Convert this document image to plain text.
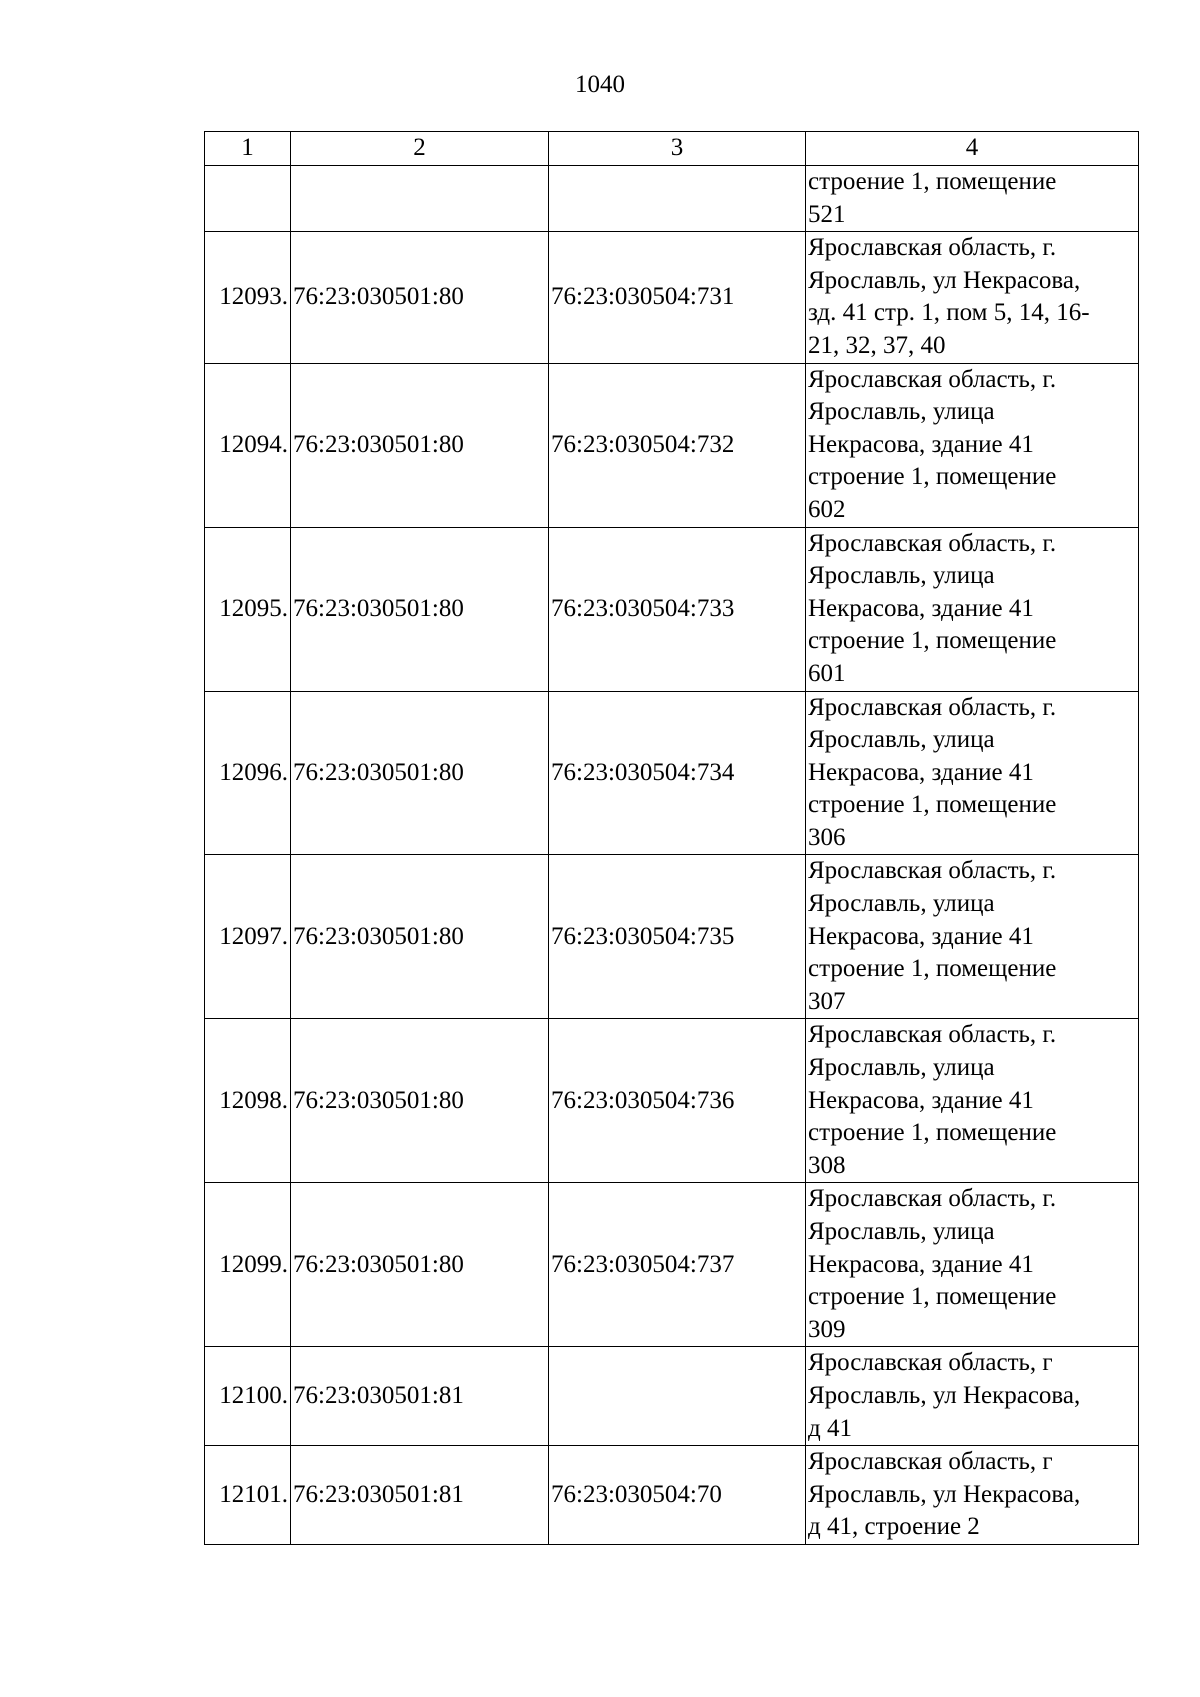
1040
1	2	3	4

			строение 1, помещение
521

12093.	76:23:030501:80	76:23:030504:731	Ярославская область, г.
Ярославль, ул Некрасова,
зд. 41 стр. 1, пом 5, 14, 16-
21, 32, 37, 40

12094.	76:23:030501:80	76:23:030504:732	Ярославская область, г.
Ярославль, улица
Некрасова, здание 41
строение 1, помещение
602

12095.	76:23:030501:80	76:23:030504:733	Ярославская область, г.
Ярославль, улица
Некрасова, здание 41
строение 1, помещение
601

12096.	76:23:030501:80	76:23:030504:734	Ярославская область, г.
Ярославль, улица
Некрасова, здание 41
строение 1, помещение
306

12097.	76:23:030501:80	76:23:030504:735	Ярославская область, г.
Ярославль, улица
Некрасова, здание 41
строение 1, помещение
307

12098.	76:23:030501:80	76:23:030504:736	Ярославская область, г.
Ярославль, улица
Некрасова, здание 41
строение 1, помещение
308

12099.	76:23:030501:80	76:23:030504:737	Ярославская область, г.
Ярославль, улица
Некрасова, здание 41
строение 1, помещение
309

12100.	76:23:030501:81		Ярославская область, г
Ярославль, ул Некрасова,
д 41

12101.	76:23:030501:81	76:23:030504:70	Ярославская область, г
Ярославль, ул Некрасова,
д 41, строение 2
